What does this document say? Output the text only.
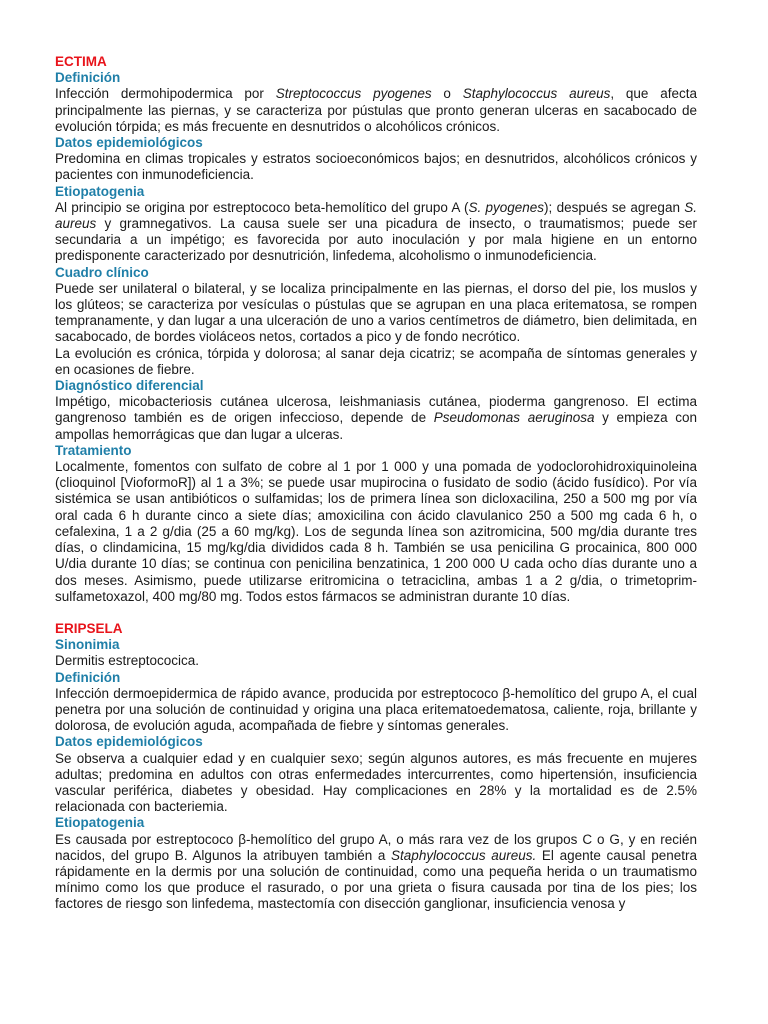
ECTIMA

Definición

Infección dermohipodermica por Streptococcus pyogenes o Staphylococcus aureus, que afecta principalmente las piernas, y se caracteriza por pústulas que pronto generan ulceras en sacabocado de evolución tórpida; es más frecuente en desnutridos o alcohólicos crónicos.

Datos epidemiológicos

Predomina en climas tropicales y estratos socioeconómicos bajos; en desnutridos, alcohólicos crónicos y pacientes con inmunodeficiencia.

Etiopatogenia

Al principio se origina por estreptococo beta-hemolítico del grupo A (S. pyogenes); después se agregan S. aureus y gramnegativos. La causa suele ser una picadura de insecto, o traumatismos; puede ser secundaria a un impétigo; es favorecida por auto inoculación y por mala higiene en un entorno predisponente caracterizado por desnutrición, linfedema, alcoholismo o inmunodeficiencia.

Cuadro clínico

Puede ser unilateral o bilateral, y se localiza principalmente en las piernas, el dorso del pie, los muslos y los glúteos; se caracteriza por vesículas o pústulas que se agrupan en una placa eritematosa, se rompen tempranamente, y dan lugar a una ulceración de uno a varios centímetros de diámetro, bien delimitada, en sacabocado, de bordes violáceos netos, cortados a pico y de fondo necrótico.

La evolución es crónica, tórpida y dolorosa; al sanar deja cicatriz; se acompaña de síntomas generales y en ocasiones de fiebre.

Diagnóstico diferencial

Impétigo, micobacteriosis cutánea ulcerosa, leishmaniasis cutánea, pioderma gangrenoso. El ectima gangrenoso también es de origen infeccioso, depende de Pseudomonas aeruginosa y empieza con ampollas hemorrágicas que dan lugar a ulceras.

Tratamiento

Localmente, fomentos con sulfato de cobre al 1 por 1 000 y una pomada de yodoclorohidroxiquinoleina (clioquinol [VioformoR]) al 1 a 3%; se puede usar mupirocina o fusidato de sodio (ácido fusídico). Por vía sistémica se usan antibióticos o sulfamidas; los de primera línea son dicloxacilina, 250 a 500 mg por vía oral cada 6 h durante cinco a siete días; amoxicilina con ácido clavulanico 250 a 500 mg cada 6 h, o cefalexina, 1 a 2 g/dia (25 a 60 mg/kg). Los de segunda línea son azitromicina, 500 mg/dia durante tres días, o clindamicina, 15 mg/kg/dia divididos cada 8 h. También se usa penicilina G procainica, 800 000 U/dia durante 10 días; se continua con penicilina benzatinica, 1 200 000 U cada ocho días durante uno a dos meses. Asimismo, puede utilizarse eritromicina o tetraciclina, ambas 1 a 2 g/dia, o trimetoprim-sulfametoxazol, 400 mg/80 mg. Todos estos fármacos se administran durante 10 días.

ERIPSELA

Sinonimia

Dermitis estreptococica.

Definición

Infección dermoepidermica de rápido avance, producida por estreptococo β-hemolítico del grupo A, el cual penetra por una solución de continuidad y origina una placa eritematoedematosa, caliente, roja, brillante y dolorosa, de evolución aguda, acompañada de fiebre y síntomas generales.

Datos epidemiológicos

Se observa a cualquier edad y en cualquier sexo; según algunos autores, es más frecuente en mujeres adultas; predomina en adultos con otras enfermedades intercurrentes, como hipertensión, insuficiencia vascular periférica, diabetes y obesidad. Hay complicaciones en 28% y la mortalidad es de 2.5% relacionada con bacteriemia.

Etiopatogenia

Es causada por estreptococo β-hemolítico del grupo A, o más rara vez de los grupos C o G, y en recién nacidos, del grupo B. Algunos la atribuyen también a Staphylococcus aureus. El agente causal penetra rápidamente en la dermis por una solución de continuidad, como una pequeña herida o un traumatismo mínimo como los que produce el rasurado, o por una grieta o fisura causada por tina de los pies; los factores de riesgo son linfedema, mastectomía con disección ganglionar, insuficiencia venosa y
